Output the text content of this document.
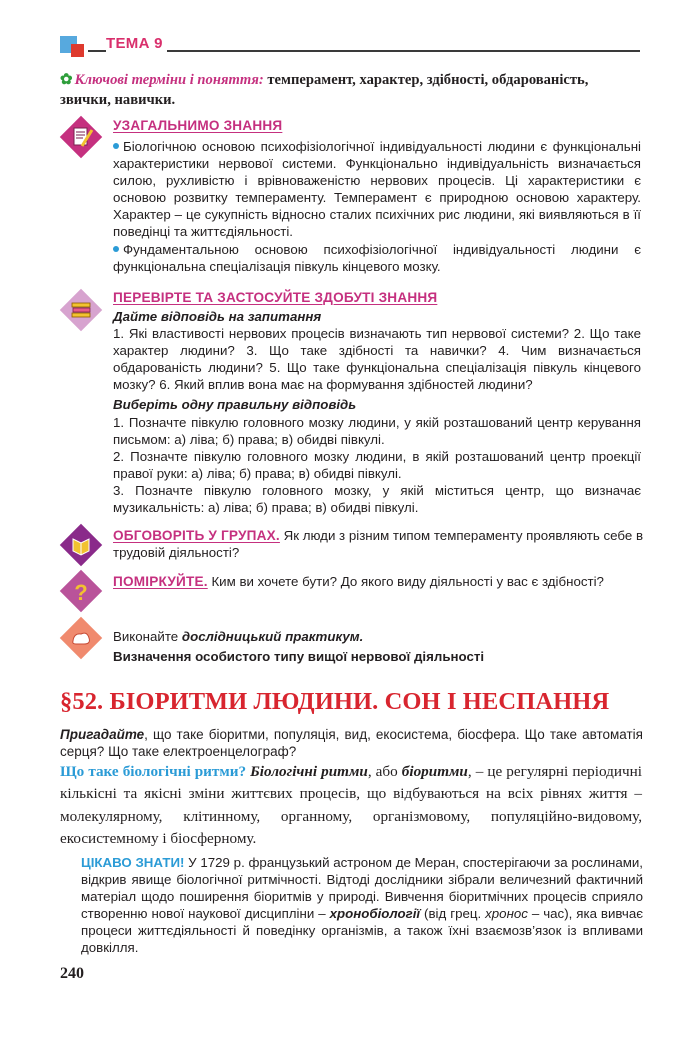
ТЕМА 9
✿ Ключові терміни і поняття: темперамент, характер, здібності, обдарованість, звички, навички.
УЗАГАЛЬНИМО ЗНАННЯ

Біологічною основою психофізіологічної індивідуальності людини є функціональні характеристики нервової системи. Функціонально індивідуальність визначається силою, рухливістю і врівноваженістю нервових процесів. Ці характеристики є основою розвитку темпераменту. Темперамент є природною основою характеру. Характер – це сукупність відносно сталих психічних рис людини, які виявляються в її поведінці та життєдіяльності.

Фундаментальною основою психофізіологічної індивідуальності людини є функціональна спеціалізація півкуль кінцевого мозку.

ПЕРЕВІРТЕ ТА ЗАСТОСУЙТЕ ЗДОБУТІ ЗНАННЯ

Дайте відповідь на запитання

1. Які властивості нервових процесів визначають тип нервової системи? 2. Що таке характер людини? 3. Що таке здібності та навички? 4. Чим визначається обдарованість людини? 5. Що таке функціональна спеціалізація півкуль кінцевого мозку? 6. Який вплив вона має на формування здібностей людини?

Виберіть одну правильну відповідь

1. Позначте півкулю головного мозку людини, у якій розташований центр керування письмом: а) ліва; б) права; в) обидві півкулі.

2. Позначте півкулю головного мозку людини, в якій розташований центр проекції правої руки: а) ліва; б) права; в) обидві півкулі.

3. Позначте півкулю головного мозку, у якій міститься центр, що визначає музикальність: а) ліва; б) права; в) обидві півкулі.

ОБГОВОРІТЬ У ГРУПАХ. Як люди з різним типом темпераменту проявляють себе в трудовій діяльності?
? ПОМІРКУЙТЕ. Ким ви хочете бути? До якого виду діяльності у вас є здібності?

Виконайте дослідницький практикум.

Визначення особистого типу вищої нервової діяльності

§52. БІОРИТМИ ЛЮДИНИ. СОН І НЕСПАННЯ
Пригадайте, що таке біоритми, популяція, вид, екосистема, біосфера. Що таке автоматія серця? Що таке електроенцелограф?
Що таке біологічні ритми? Біологічні ритми, або біоритми, – це регулярні періодичні кількісні та якісні зміни життєвих процесів, що відбуваються на всіх рівнях життя – молекулярному, клітинному, органному, організмовому, популяційно-видовому, екосистемному і біосферному.
ЦІКАВО ЗНАТИ! У 1729 р. французький астроном де Меран, спостерігаючи за рослинами, відкрив явище біологічної ритмічності. Відтоді дослідники зібрали величезний фактичний матеріал щодо поширення біоритмів у природі. Вивчення біоритмічних процесів сприяло створенню нової наукової дисципліни – хронобіології (від грец. хронос – час), яка вивчає процеси життєдіяльності й поведінку організмів, а також їхні взаємозв’язок із впливами довкілля.
240
